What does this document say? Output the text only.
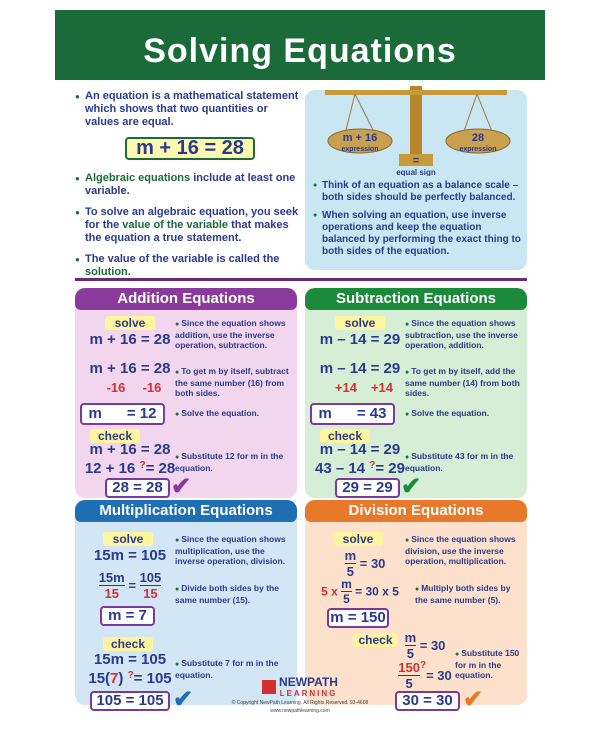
Solving Equations
● An equation is a mathematical statement which shows that two quantities or values are equal.
m + 16 = 28
● Algebraic equations include at least one variable.
● To solve an algebraic equation, you seek for the value of the variable that makes the equation a true statement.
● The value of the variable is called the solution.
m + 16
expression
28
expression
=
equal sign
● Think of an equation as a balance scale – both sides should be perfectly balanced.
● When solving an equation, use inverse operations and keep the equation balanced by performing the exact thing to both sides of the equation.
Addition Equations
solve
m + 16 = 28
● Since the equation shows addition, use the inverse operation, subtraction.
m + 16 = 28
-16	-16
● To get m by itself, subtract the same number (16) from both sides.
m      = 12	● Solve the equation.
check
m + 16 = 28
12 + 16 ?= 28
28 = 28 ✔
● Substitute 12 for m in the equation.
Subtraction Equations
solve
m – 14 = 29
● Since the equation shows subtraction, use the inverse operation, addition.
m – 14 = 29
+14	+14
● To get m by itself, add the same number (14) from both sides.
m      = 43	● Solve the equation.
check
m – 14 = 29
43 – 14 ?= 29
29 = 29 ✔
● Substitute 43 for m in the equation.
Multiplication Equations
solve
15m = 105
● Since the equation shows multiplication, use the inverse operation, division.
$\frac{15m}{15} = \frac{105}{15}$	● Divide both sides by the same number (15).
m = 7
check
15m = 105
15(7) ?= 105
105 = 105 ✔
● Substitute 7 for m in the equation.
Division Equations
solve
$\frac{m}{5} = 30$
● Since the equation shows division, use the inverse operation, multiplication.
5 x $\frac{m}{5} = 30$ x 5	● Multiply both sides by the same number (5).
m = 150
check $\frac{m}{5} = 30$
$\frac{150}{5} ^?= 30$
● Substitute 150 for m in the equation.
30 = 30 ✔
NEWPATH
LEARNING
© Copyright NewPath Learning. All Rights Reserved. 93-4608
www.newpathlearning.com
